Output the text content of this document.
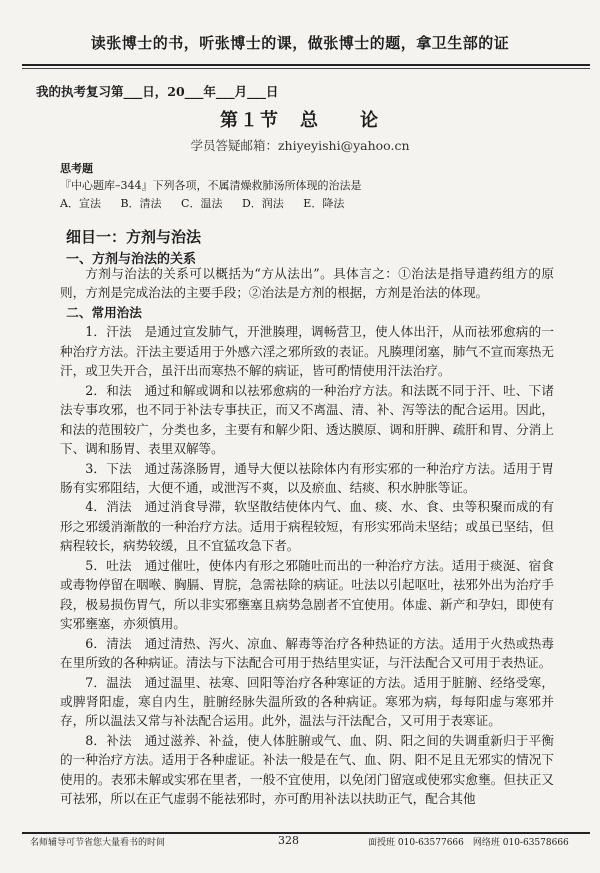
读张博士的书，听张博士的课，做张博士的题，拿卫生部的证
我的执考复习第___日，20___年___月___日
第１节　总　　论
学员答疑邮箱：zhiyeyishi@yahoo.cn
思考题
『中心题库–344』下列各项，不属清燥救肺汤所体现的治法是
A．宣法 B．清法 C．温法 D．润法 E．降法
细目一：方剂与治法
一、方剂与治法的关系

方剂与治法的关系可以概括为“方从法出”。具体言之：①治法是指导遣药组方的原则，方剂是完成治法的主要手段；②治法是方剂的根据，方剂是治法的体现。

二、常用治法

1．汗法　是通过宣发肺气，开泄腠理，调畅营卫，使人体出汗，从而祛邪愈病的一种治疗方法。汗法主要适用于外感六淫之邪所致的表证。凡腠理闭塞，肺气不宣而寒热无汗，或卫失开合，虽汗出而寒热不解的病证，皆可酌情使用汗法治疗。

2．和法　通过和解或调和以祛邪愈病的一种治疗方法。和法既不同于汗、吐、下诸法专事攻邪，也不同于补法专事扶正，而又不离温、清、补、泻等法的配合运用。因此，和法的范围较广，分类也多，主要有和解少阳、透达膜原、调和肝脾、疏肝和胃、分消上下、调和肠胃、表里双解等。

3．下法　通过荡涤肠胃，通导大便以祛除体内有形实邪的一种治疗方法。适用于胃肠有实邪阻结，大便不通，或泄泻不爽，以及瘀血、结痰、积水肿胀等证。

4．消法　通过消食导滞，软坚散结使体内气、血、痰、水、食、虫等积聚而成的有形之邪缓消渐散的一种治疗方法。适用于病程较短，有形实邪尚未坚结；或虽已坚结，但病程较长，病势较缓，且不宜猛攻急下者。

5．吐法　通过催吐，使体内有形之邪随吐而出的一种治疗方法。适用于痰涎、宿食或毒物停留在咽喉、胸膈、胃脘，急需祛除的病证。吐法以引起呕吐，祛邪外出为治疗手段，极易损伤胃气，所以非实邪壅塞且病势急剧者不宜使用。体虚、新产和孕妇，即使有实邪壅塞，亦须慎用。

6．清法　通过清热、泻火、凉血、解毒等治疗各种热证的方法。适用于火热或热毒在里所致的各种病证。清法与下法配合可用于热结里实证，与汗法配合又可用于表热证。

7．温法　通过温里、祛寒、回阳等治疗各种寒证的方法。适用于脏腑、经络受寒，或脾肾阳虚，寒自内生，脏腑经脉失温所致的各种病证。寒邪为病，每每阳虚与寒邪并存，所以温法又常与补法配合运用。此外，温法与汗法配合，又可用于表寒证。

8．补法　通过滋养、补益，使人体脏腑或气、血、阴、阳之间的失调重新归于平衡的一种治疗方法。适用于各种虚证。补法一般是在气、血、阴、阳不足且无邪实的情况下使用的。表邪未解或实邪在里者，一般不宜使用，以免闭门留寇或使邪实愈壅。但扶正又可祛邪，所以在正气虚弱不能祛邪时，亦可酌用补法以扶助正气，配合其他

名师辅导可节省您大量看书的时间	328	面授班 010-63577666　网络班 010-63578666
